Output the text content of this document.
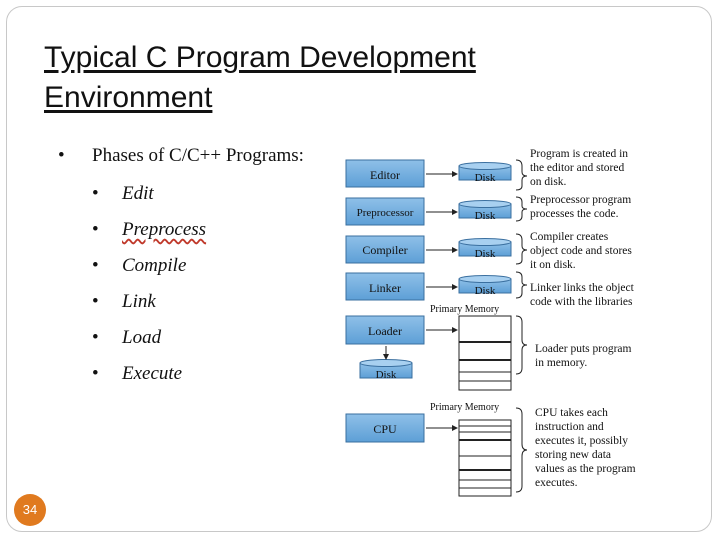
Typical C Program Development
Environment
• Phases of C/C++ Programs:
• Edit
• Preprocess
• Compile
• Link
• Load
• Execute
Editor
Preprocessor
Compiler
Linker
Loader
CPU
Disk
Disk
Disk
Disk
Disk
Primary Memory
Primary Memory
Program is created in
the editor and stored
on disk.
Preprocessor program
processes the code.
Compiler creates
object code and stores
it on disk.
Linker links the object
code with the libraries
Loader puts program
in memory.
CPU takes each
instruction and
executes it, possibly
storing new data
values as the program
executes.
34
